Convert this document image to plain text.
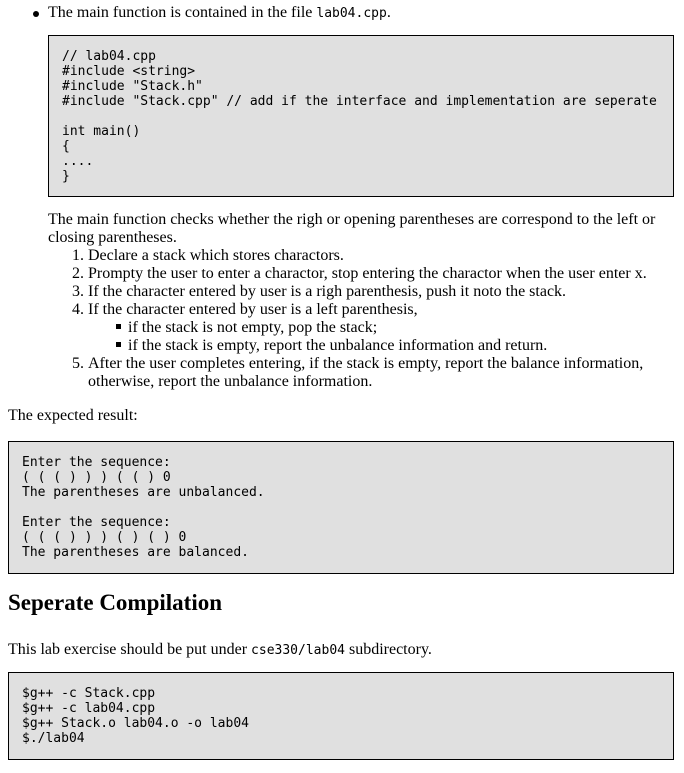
The main function is contained in the file lab04.cpp.
// lab04.cpp
#include <string>
#include "Stack.h"
#include "Stack.cpp" // add if the interface and implementation are seperate
int main()
{
....
}
The main function checks whether the righ or opening parentheses are correspond to the left or
closing parentheses.
1. Declare a stack which stores charactors.
2. Prompty the user to enter a charactor, stop entering the charactor when the user enter x.
3. If the character entered by user is a righ parenthesis, push it noto the stack.
4. If the character entered by user is a left parenthesis,
if the stack is not empty, pop the stack;
if the stack is empty, report the unbalance information and return.
5. After the user completes entering, if the stack is empty, report the balance information,
otherwise, report the unbalance information.
The expected result:
Enter the sequence:
( ( ( ) ) ) ( ( ) 0
The parentheses are unbalanced.
Enter the sequence:
( ( ( ) ) ) ( ) ( ) 0
The parentheses are balanced.
Seperate Compilation
This lab exercise should be put under cse330/lab04 subdirectory.
$g++ -c Stack.cpp
$g++ -c lab04.cpp
$g++ Stack.o lab04.o -o lab04
$./lab04
